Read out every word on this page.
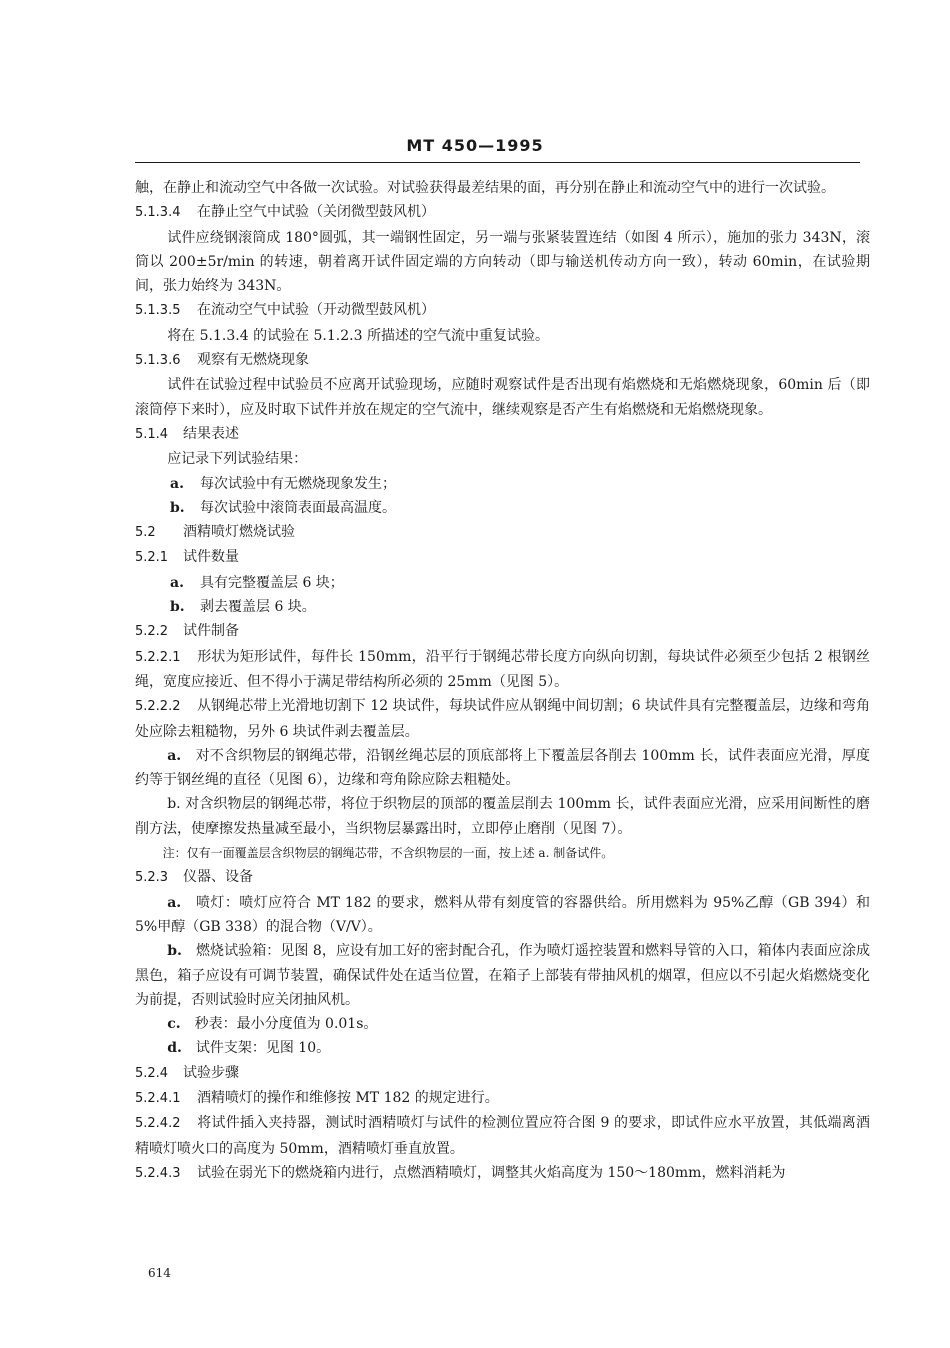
MT 450—1995

触，在静止和流动空气中各做一次试验。对试验获得最差结果的面，再分别在静止和流动空气中的进行一次试验。

5.1.3.4 在静止空气中试验（关闭微型鼓风机）

试件应绕钢滚筒成 180°圆弧，其一端钢性固定，另一端与张紧装置连结（如图 4 所示），施加的张力 343N，滚筒以 200±5r/min 的转速，朝着离开试件固定端的方向转动（即与输送机传动方向一致），转动 60min，在试验期间，张力始终为 343N。

5.1.3.5 在流动空气中试验（开动微型鼓风机）

将在 5.1.3.4 的试验在 5.1.2.3 所描述的空气流中重复试验。

5.1.3.6 观察有无燃烧现象

试件在试验过程中试验员不应离开试验现场，应随时观察试件是否出现有焰燃烧和无焰燃烧现象，60min 后（即滚筒停下来时），应及时取下试件并放在规定的空气流中，继续观察是否产生有焰燃烧和无焰燃烧现象。

5.1.4 结果表述

应记录下列试验结果：

a. 每次试验中有无燃烧现象发生；

b. 每次试验中滚筒表面最高温度。

5.2 酒精喷灯燃烧试验

5.2.1 试件数量

a. 具有完整覆盖层 6 块；

b. 剥去覆盖层 6 块。

5.2.2 试件制备

5.2.2.1 形状为矩形试件，每件长 150mm，沿平行于钢绳芯带长度方向纵向切割，每块试件必须至少包括 2 根钢丝绳，宽度应接近、但不得小于满足带结构所必须的 25mm（见图 5）。

5.2.2.2 从钢绳芯带上光滑地切割下 12 块试件，每块试件应从钢绳中间切割；6 块试件具有完整覆盖层，边缘和弯角处应除去粗糙物，另外 6 块试件剥去覆盖层。

a.　 对不含织物层的钢绳芯带，沿钢丝绳芯层的顶底部将上下覆盖层各削去 100mm 长，试件表面应光滑，厚度约等于钢丝绳的直径（见图 6），边缘和弯角除应除去粗糙处。

b. 对含织物层的钢绳芯带，将位于织物层的顶部的覆盖层削去 100mm 长，试件表面应光滑，应采用间断性的磨削方法，使摩擦发热量减至最小，当织物层暴露出时，立即停止磨削（见图 7）。

注：仅有一面覆盖层含织物层的钢绳芯带，不含织物层的一面，按上述 a. 制备试件。

5.2.3 仪器、设备

a.　 喷灯：喷灯应符合 MT 182 的要求，燃料从带有刻度管的容器供给。所用燃料为 95%乙醇（GB 394）和 5%甲醇（GB 338）的混合物（V/V）。

b.　 燃烧试验箱：见图 8，应设有加工好的密封配合孔，作为喷灯遥控装置和燃料导管的入口，箱体内表面应涂成黑色，箱子应设有可调节装置，确保试件处在适当位置，在箱子上部装有带抽风机的烟罩，但应以不引起火焰燃烧变化为前提，否则试验时应关闭抽风机。

c.　 秒表：最小分度值为 0.01s。

d.　 试件支架：见图 10。

5.2.4 试验步骤

5.2.4.1 酒精喷灯的操作和维修按 MT 182 的规定进行。

5.2.4.2 将试件插入夹持器，测试时酒精喷灯与试件的检测位置应符合图 9 的要求，即试件应水平放置，其低端离酒精喷灯喷火口的高度为 50mm，酒精喷灯垂直放置。

5.2.4.3 试验在弱光下的燃烧箱内进行，点燃酒精喷灯，调整其火焰高度为 150～180mm，燃料消耗为

614
